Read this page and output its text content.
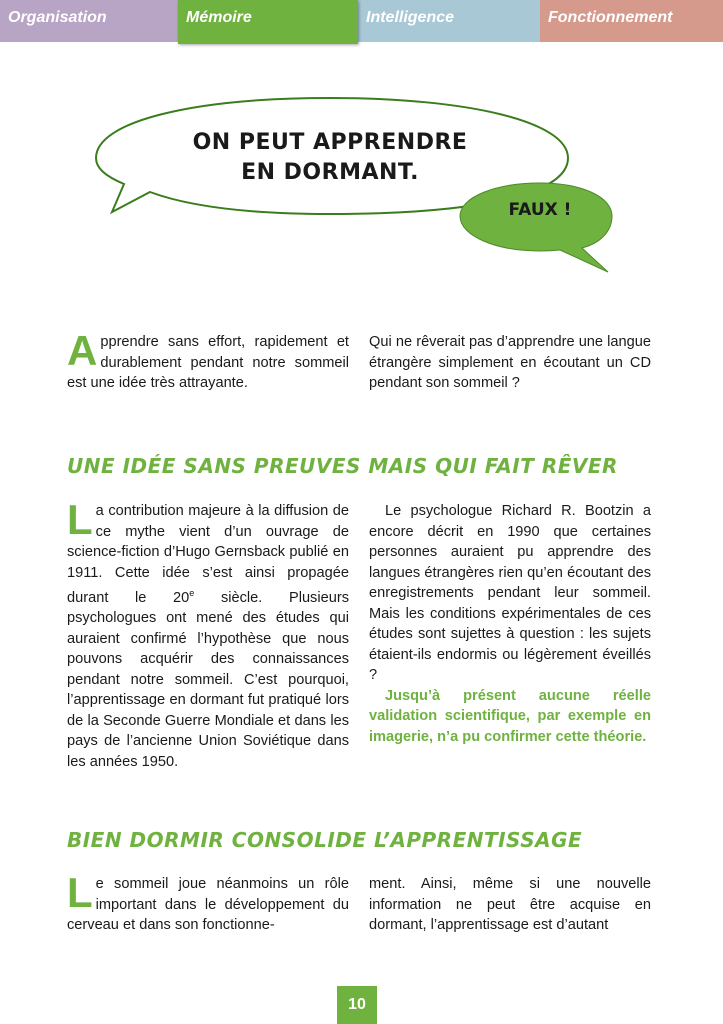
Organisation	Intelligence	Fonctionnement
Mémoire
ON PEUT APPRENDRE
EN DORMANT.
FAUX !

Apprendre sans effort, rapidement et durablement pendant notre sommeil est une idée très attrayante.

Qui ne rêverait pas d’apprendre une langue étrangère simplement en écoutant un CD pendant son sommeil ?

UNE IDÉE SANS PREUVES MAIS QUI FAIT RÊVER

La contribution majeure à la diffusion de ce mythe vient d’un ouvrage de science-fiction d’Hugo Gernsback publié en 1911. Cette idée s’est ainsi propagée durant le 20e siècle. Plusieurs psychologues ont mené des études qui auraient confirmé l’hypothèse que nous pouvons acquérir des connaissances pendant notre sommeil. C’est pourquoi, l’apprentissage en dormant fut pratiqué lors de la Seconde Guerre Mondiale et dans les pays de l’ancienne Union Soviétique dans les années 1950.

Le psychologue Richard R. Bootzin a encore décrit en 1990 que certaines personnes auraient pu apprendre des langues étrangères rien qu’en écoutant des enregistrements pendant leur sommeil. Mais les conditions expérimentales de ces études sont sujettes à question : les sujets étaient-ils endormis ou légèrement éveillés ?

Jusqu’à présent aucune réelle validation scientifique, par exemple en imagerie, n’a pu confirmer cette théorie.

BIEN DORMIR CONSOLIDE L’APPRENTISSAGE

Le sommeil joue néanmoins un rôle important dans le développement du cerveau et dans son fonctionne-

ment. Ainsi, même si une nouvelle information ne peut être acquise en dormant, l’apprentissage est d’autant

10
